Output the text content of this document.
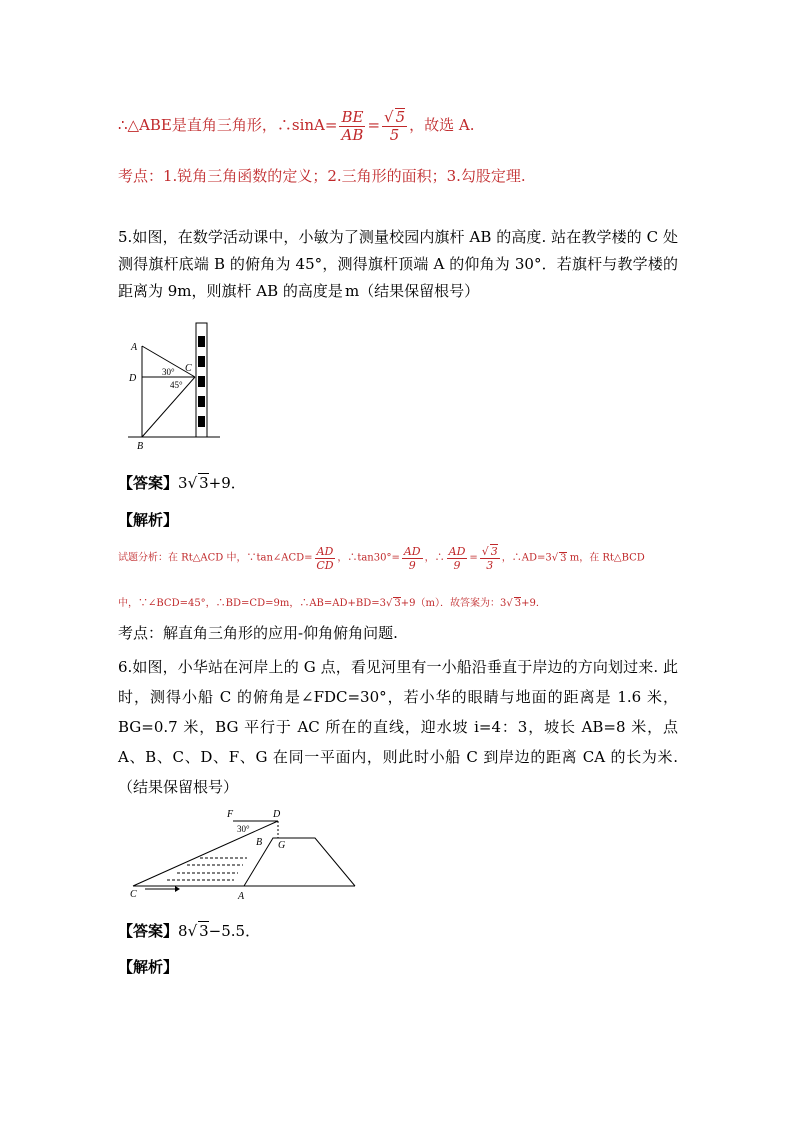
∴△ABE是直角三角形，∴sinA= $\frac{BE}{AB} = \frac{√ 5}{5}$ ，故选 A.
考点：1.锐角三角函数的定义；2.三角形的面积；3.勾股定理.
5.如图，在数学活动课中，小敏为了测量校园内旗杆 AB 的高度. 站在教学楼的 C 处测得旗杆底端 B 的俯角为 45°，测得旗杆顶端 A 的仰角为 30°．若旗杆与教学楼的距离为 9m，则旗杆 AB 的高度是 m（结果保留根号）
A
D
C
B
30°
45°
【答案】3√ 3+9．
【解析】
试题分析：在 Rt△ACD 中，∵tan∠ACD= $\frac{AD}{CD}$ ，∴tan30°= $\frac{AD}{9}$ ，∴ $\frac{AD}{9} = \frac{√ 3}{3}$ ，∴AD=3√ 3 m，在 Rt△BCD
中，∵∠BCD=45°，∴BD=CD=9m，∴AB=AD+BD=3√ 3+9（m）．故答案为：3√ 3+9．
考点：解直角三角形的应用-仰角俯角问题.
6.如图，小华站在河岸上的 G 点，看见河里有一小船沿垂直于岸边的方向划过来. 此时，测得小船 C 的俯角是∠FDC=30°，若小华的眼睛与地面的距离是 1.6 米，BG=0.7 米，BG 平行于 AC 所在的直线，迎水坡 i=4：3，坡长 AB=8 米，点 A、B、C、D、F、G 在同一平面内，则此时小船 C 到岸边的距离 CA 的长为米.（结果保留根号）
F	D
B G
C	A
30°
【答案】8√ 3−5.5．
【解析】
